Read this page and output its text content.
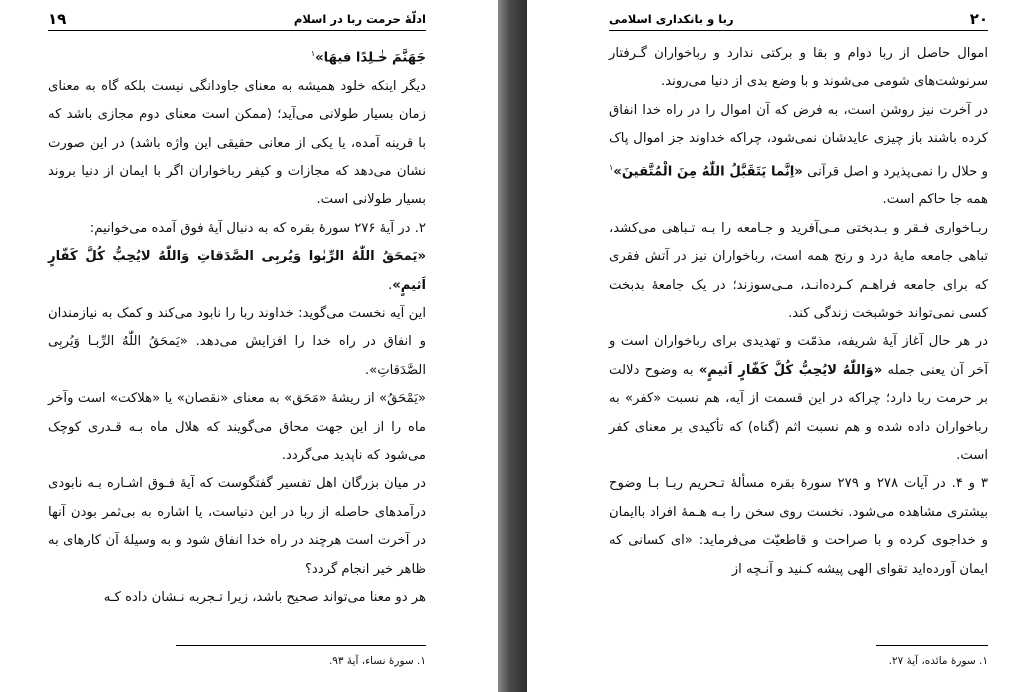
۱۹	ادلّهٔ حرمت ربا در اسلام

جَهَنَّمَ خٰـلِدًا فيهَا»$^۱$

دیگر اینکه خلود همیشه به معنای جاودانگی نیست بلکه گاه به معنای زمان بسیار طولانی می‌آید؛ (ممکن است معنای دوم مجازی باشد که با قرینه آمده، یا یکی از معانی حقیقی این واژه باشد) در این صورت نشان می‌دهد که مجازات و کیفر رباخواران اگر با ایمان از دنیا بروند بسیار طولانی است.

۲. در آیهٔ ۲۷۶ سورهٔ بقره که به دنبال آیهٔ فوق آمده می‌خوانیم:

«يَمحَقُ اللّٰهُ الرِّبٰوا وَيُربِى الصَّدَقاتِ وَاللّٰهُ لايُحِبُّ كُلَّ كَفّارٍ اَثيمٍ».

این آیه نخست می‌گوید: خداوند ربا را نابود می‌کند و کمک به نیازمندان و انفاق در راه خدا را افزایش می‌دهد. «يَمحَقُ اللّٰهُ الرِّبـا وَيُربِى الصَّدَقاتِ».

«يَمْحَقُ» از ریشهٔ «مَحَق» به معنای «نقصان» یا «هلاکت» است وآخر ماه را از این جهت محاق می‌گویند که هلال ماه بـه قـدری کوچک می‌شود که ناپدید می‌گردد.

در میان بزرگان اهل تفسیر گفتگوست که آیهٔ فـوق اشـاره بـه نابودی درآمدهای حاصله از ربا در این دنیاست، یا اشاره به بی‌ثمر بودن آنها در آخرت است هرچند در راه خدا انفاق شود و به وسیلهٔ آن کارهای به ظاهر خیر انجام گردد؟

هر دو معنا می‌تواند صحیح باشد، زیرا تـجربه نـشان داده کـه

۱. سورهٔ نساء، آیهٔ ۹۳.
ربا و بانکداری اسلامی	۲۰

اموال حاصل از ربا دوام و بقا و برکتی ندارد و رباخواران گـرفتار سرنوشت‌های شومی می‌شوند و با وضع بدی از دنیا می‌روند.

در آخرت نیز روشن است، به فرض که آن اموال را در راه خدا انفاق کرده باشند باز چیزی عایدشان نمی‌شود، چراکه خداوند جز اموال پاک و حلال را نمی‌پذیرد و اصل قرآنی «اِنَّما يَتَقَبَّلُ اللّٰهُ مِنَ الْمُتَّقينَ»$^۱$ همه جا حاکم است.

ربـاخواری فـقر و بـدبختی مـی‌آفرید و جـامعه را بـه تـباهی می‌کشد، تباهی جامعه مایهٔ درد و رنج همه است، رباخواران نیز در آتش فقری که برای جامعه فراهـم کـرده‌انـد، مـی‌سوزند؛ در یک جامعهٔ بدبخت کسی نمی‌تواند خوشبخت زندگی کند.

در هر حال آغاز آیهٔ شریفه، مذمّت و تهدیدی برای رباخواران است و آخر آن یعنی جمله «وَاللّٰهُ لايُحِبُّ كُلَّ كَفّارٍ اَثيمٍ» به وضوح دلالت بر حرمت ربا دارد؛ چراکه در این قسمت از آیه، هم نسبت «کفر» به رباخواران داده شده و هم نسبت اثم (گناه) که تأکیدی بر معنای کفر است.

۳ و ۴. در آیات ۲۷۸ و ۲۷۹ سورهٔ بقره مسألهٔ تـحریم ربـا بـا وضوح بیشتری مشاهده می‌شود. نخست روی سخن را بـه هـمهٔ افراد باایمان و خداجوی کرده و با صراحت و قاطعیّت می‌فرماید: «ای کسانی که ایمان آورده‌اید تقوای الهی پیشه کـنید و آنـچه از

۱. سورهٔ مائده، آیهٔ ۲۷.
